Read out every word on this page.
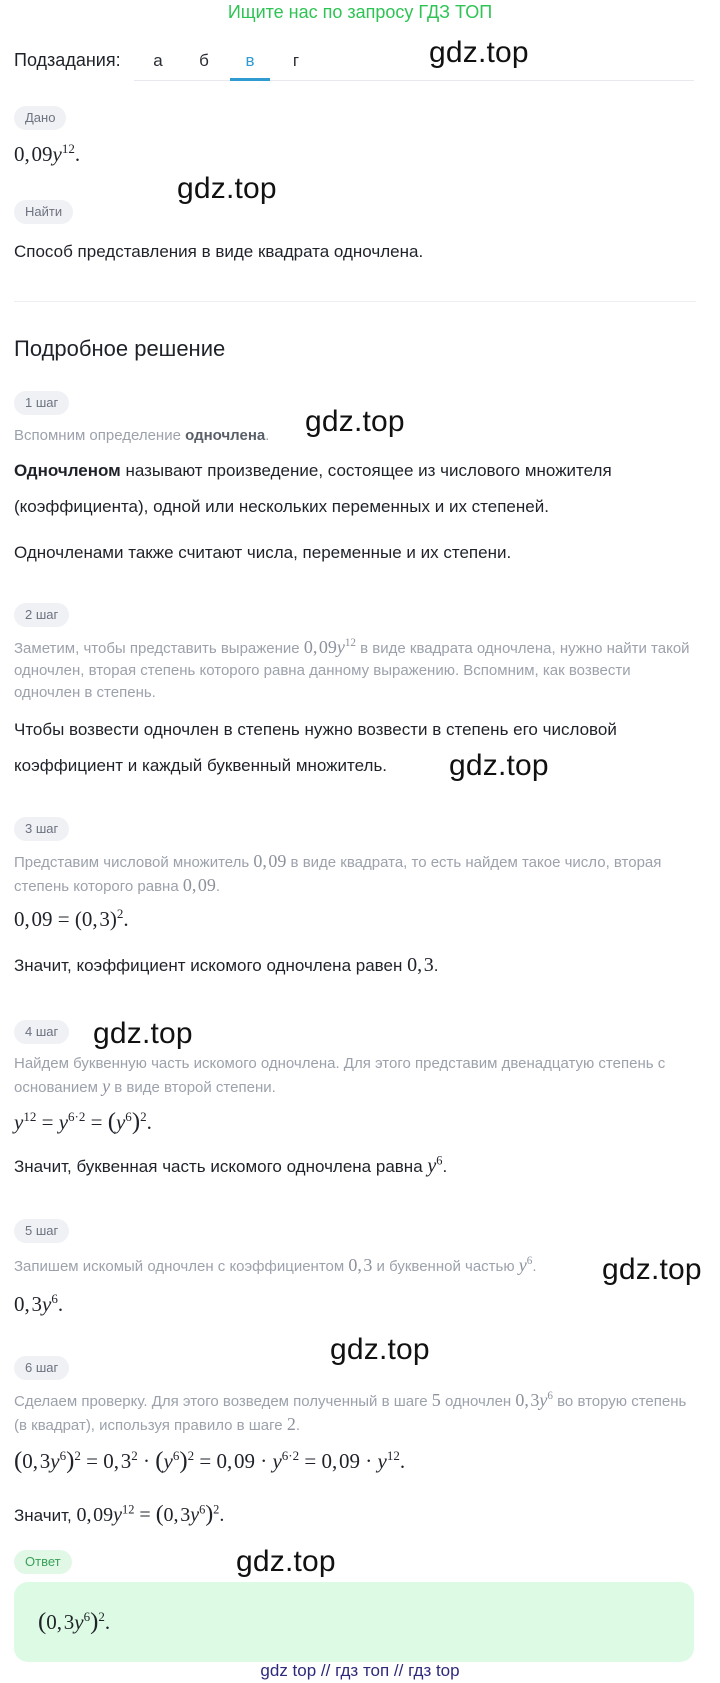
Ищите нас по запросу ГДЗ ТОП
Подзадания:	а	б	в	г	gdz.top
gdz.top
gdz.top
gdz.top
gdz.top
gdz.top
gdz.top
gdz.top
Дано
0, $09y^{12}$.
Найти
Способ представления в виде квадрата одночлена.
Подробное решение
1 шаг
Вспомним определение одночлена.
Одночленом называют произведение, состоящее из числового множителя (коэффициента), одной или нескольких переменных и их степеней.
Одночленами также считают числа, переменные и их степени.
2 шаг
Заметим, чтобы представить выражение 0, $09y^{12}$ в виде квадрата одночлена, нужно найти такой одночлен, вторая степень которого равна данному выражению. Вспомним, как возвести одночлен в степень.
Чтобы возвести одночлен в степень нужно возвести в степень его числовой коэффициент и каждый буквенный множитель.
3 шаг
Представим числовой множитель 0, 09 в виде квадрата, то есть найдем такое число, вторая степень которого равна 0, 09.
0, 09 = (0, 3)$^2$.
Значит, коэффициент искомого одночлена равен 0, 3.
4 шаг
Найдем буквенную часть искомого одночлена. Для этого представим двенадцатую степень с основанием y в виде второй степени.
$y^{12} = y^{6\cdot 2} = (y^6)^2$.
Значит, буквенная часть искомого одночлена равна $y^6$.
5 шаг
Запишем искомый одночлен с коэффициентом 0, 3 и буквенной частью $y^6$.
0, $3y^6$.
6 шаг
Сделаем проверку. Для этого возведем полученный в шаге 5 одночлен 0, $3y^6$ во вторую степень (в квадрат), используя правило в шаге 2.
(0, $3y^6)^2 = 0$, $3^2 \cdot (y^6)^2 = 0$, $09 \cdot y^{6\cdot 2} = 0$, $09 \cdot y^{12}$.
Значит, 0, $09y^{12} = (0$, $3y^6)^2$.
Ответ
(0, $3y^6)^2$.
gdz top // гдз топ // гдз top
